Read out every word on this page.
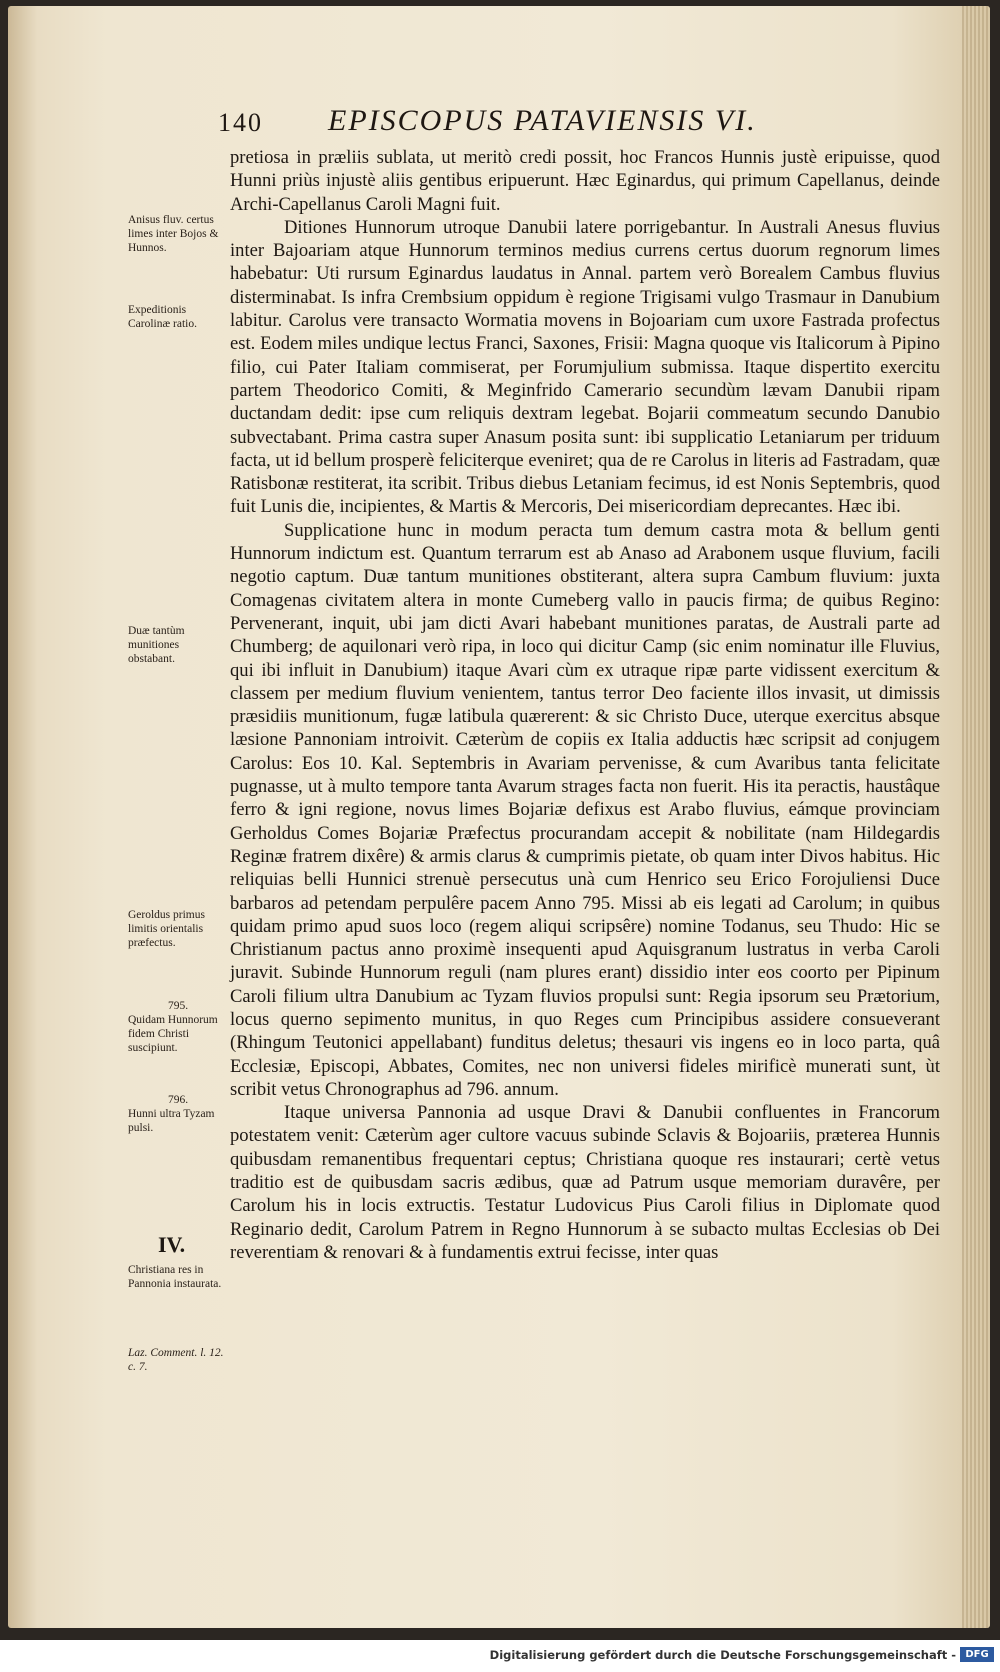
140 EPISCOPUS PATAVIENSIS VI.
Anisus fluv. certus limes inter Bojos & Hunnos.
Expeditionis Carolinæ ratio.
Duæ tantùm munitiones obstabant.
Geroldus primus limitis orientalis præfectus.
795.
Quidam Hunnorum fidem Christi suscipiunt.
796.
Hunni ultra Tyzam pulsi.
IV.
Christiana res in Pannonia instaurata.
Laz. Comment. l. 12. c. 7.

pretiosa in præliis sublata, ut meritò credi possit, hoc Francos Hunnis justè eripuisse, quod Hunni priùs injustè aliis gentibus eripuerunt. Hæc Eginardus, qui primum Capellanus, deinde Archi-Capellanus Caroli Magni fuit.

Ditiones Hunnorum utroque Danubii latere porrigebantur. In Australi Anesus fluvius inter Bajoariam atque Hunnorum terminos medius currens certus duorum regnorum limes habebatur: Uti rursum Eginardus laudatus in Annal. partem verò Borealem Cambus fluvius disterminabat. Is infra Crembsium oppidum è regione Trigisami vulgo Trasmaur in Danubium labitur. Carolus vere transacto Wormatia movens in Bojoariam cum uxore Fastrada profectus est. Eodem miles undique lectus Franci, Saxones, Frisii: Magna quoque vis Italicorum à Pipino filio, cui Pater Italiam commiserat, per Forumjulium submissa. Itaque dispertito exercitu partem Theodorico Comiti, & Meginfrido Camerario secundùm lævam Danubii ripam ductandam dedit: ipse cum reliquis dextram legebat. Bojarii commeatum secundo Danubio subvectabant. Prima castra super Anasum posita sunt: ibi supplicatio Letaniarum per triduum facta, ut id bellum prosperè feliciterque eveniret; qua de re Carolus in literis ad Fastradam, quæ Ratisbonæ restiterat, ita scribit. Tribus diebus Letaniam fecimus, id est Nonis Septembris, quod fuit Lunis die, incipientes, & Martis & Mercoris, Dei misericordiam deprecantes. Hæc ibi.

Supplicatione hunc in modum peracta tum demum castra mota & bellum genti Hunnorum indictum est. Quantum terrarum est ab Anaso ad Arabonem usque fluvium, facili negotio captum. Duæ tantum munitiones obstiterant, altera supra Cambum fluvium: juxta Comagenas civitatem altera in monte Cumeberg vallo in paucis firma; de quibus Regino: Pervenerant, inquit, ubi jam dicti Avari habebant munitiones paratas, de Australi parte ad Chumberg; de aquilonari verò ripa, in loco qui dicitur Camp (sic enim nominatur ille Fluvius, qui ibi influit in Danubium) itaque Avari cùm ex utraque ripæ parte vidissent exercitum & classem per medium fluvium venientem, tantus terror Deo faciente illos invasit, ut dimissis præsidiis munitionum, fugæ latibula quærerent: & sic Christo Duce, uterque exercitus absque læsione Pannoniam introivit. Cæterùm de copiis ex Italia adductis hæc scripsit ad conjugem Carolus: Eos 10. Kal. Septembris in Avariam pervenisse, & cum Avaribus tanta felicitate pugnasse, ut à multo tempore tanta Avarum strages facta non fuerit. His ita peractis, haustâque ferro & igni regione, novus limes Bojariæ defixus est Arabo fluvius, eámque provinciam Gerholdus Comes Bojariæ Præfectus procurandam accepit & nobilitate (nam Hildegardis Reginæ fratrem dixêre) & armis clarus & cumprimis pietate, ob quam inter Divos habitus. Hic reliquias belli Hunnici strenuè persecutus unà cum Henrico seu Erico Forojuliensi Duce barbaros ad petendam perpulêre pacem Anno 795. Missi ab eis legati ad Carolum; in quibus quidam primo apud suos loco (regem aliqui scripsêre) nomine Todanus, seu Thudo: Hic se Christianum pactus anno proximè insequenti apud Aquisgranum lustratus in verba Caroli juravit. Subinde Hunnorum reguli (nam plures erant) dissidio inter eos coorto per Pipinum Caroli filium ultra Danubium ac Tyzam fluvios propulsi sunt: Regia ipsorum seu Prætorium, locus querno sepimento munitus, in quo Reges cum Principibus assidere consueverant (Rhingum Teutonici appellabant) funditus deletus; thesauri vis ingens eo in loco parta, quâ Ecclesiæ, Episcopi, Abbates, Comites, nec non universi fideles mirificè munerati sunt, ùt scribit vetus Chronographus ad 796. annum.

Itaque universa Pannonia ad usque Dravi & Danubii confluentes in Francorum potestatem venit: Cæterùm ager cultore vacuus subinde Sclavis & Bojoariis, præterea Hunnis quibusdam remanentibus frequentari ceptus; Christiana quoque res instaurari; certè vetus traditio est de quibusdam sacris ædibus, quæ ad Patrum usque memoriam duravêre, per Carolum his in locis extructis. Testatur Ludovicus Pius Caroli filius in Diplomate quod Reginario dedit, Carolum Patrem in Regno Hunnorum à se subacto multas Ecclesias ob Dei reverentiam & renovari & à fundamentis extrui fecisse, inter quas

Digitalisierung gefördert durch die Deutsche Forschungsgemeinschaft - DFG
